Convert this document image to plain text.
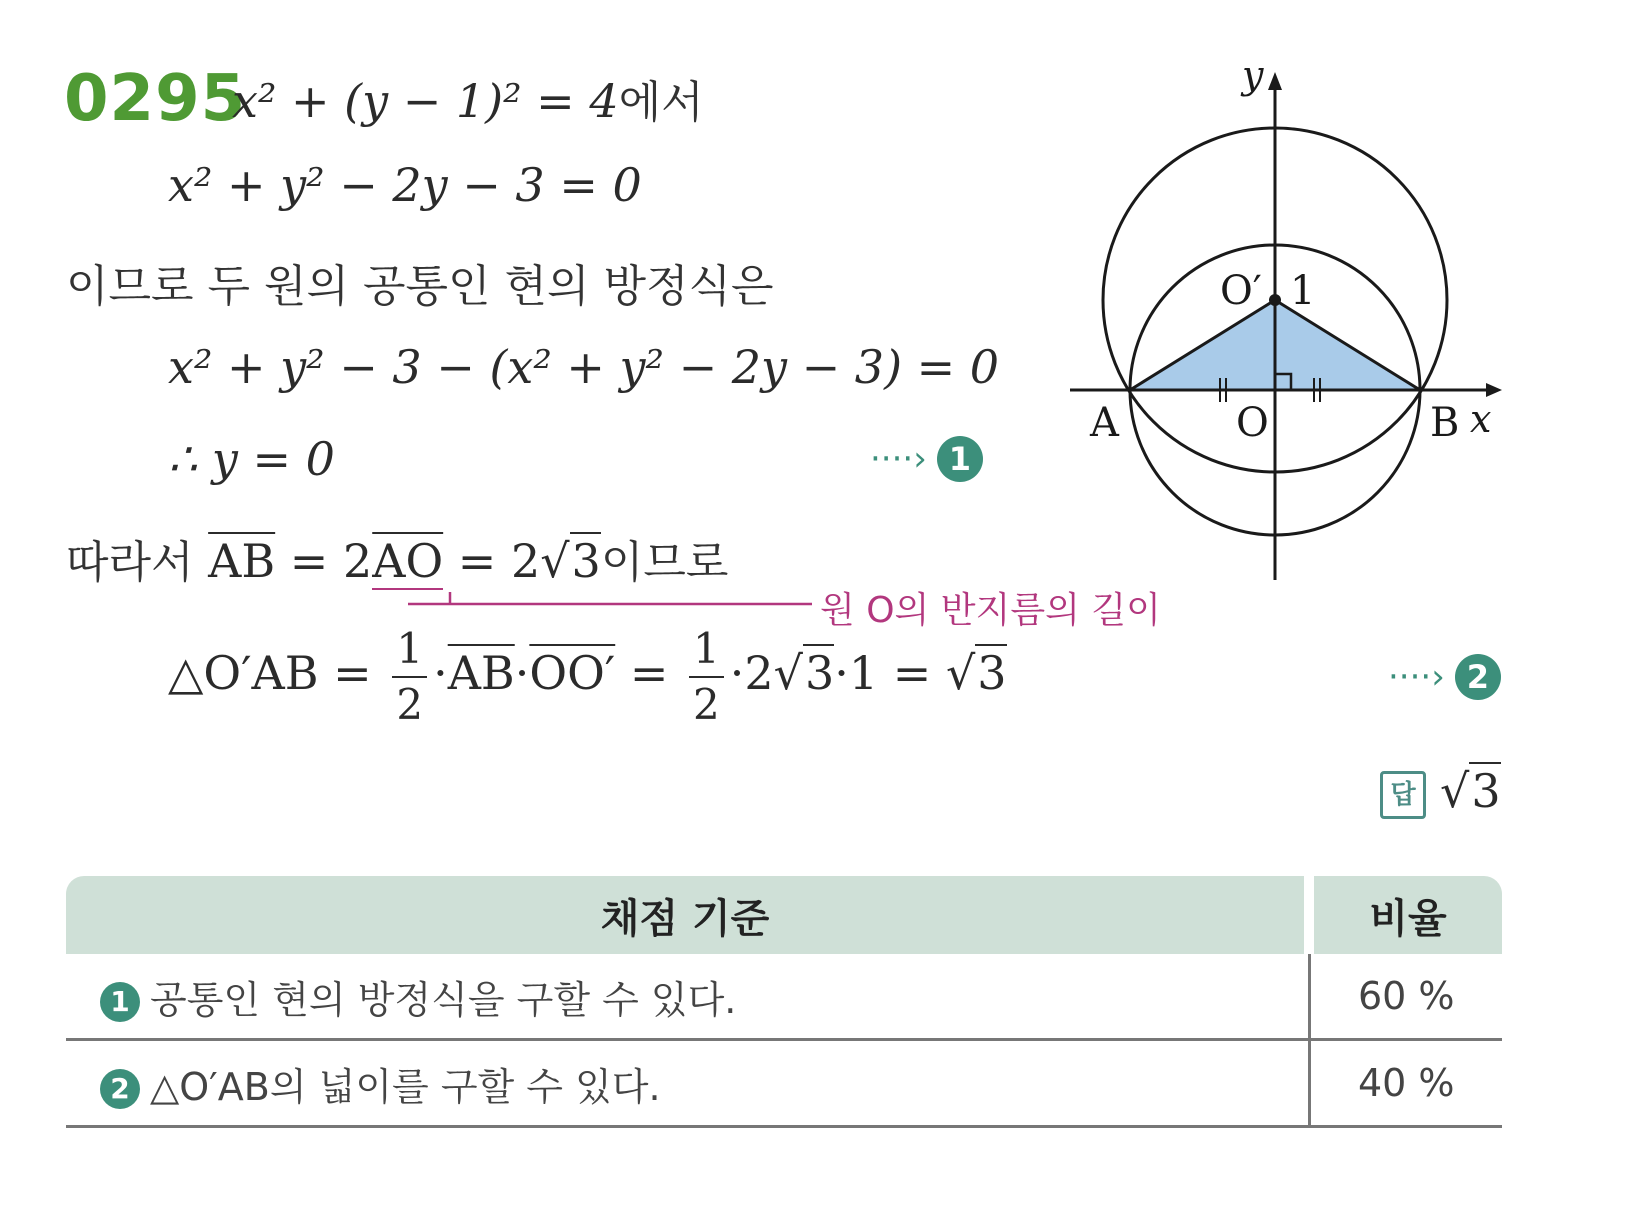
0295
x² + (y − 1)² = 4에서
x² + y² − 2y − 3 = 0
이므로 두 원의 공통인 현의 방정식은
x² + y² − 3 − (x² + y² − 2y − 3) = 0
∴ y = 0	····› 1
따라서 $\overline{AB} = 2\overline{AO} = 2√3$이므로
원 O의 반지름의 길이
△O′AB = $\frac{1}{2} \cdot\overline{AB}\cdot OO' = \frac{1}{2} \cdot 2√3\cdot 1 = √3$	····› 2
답 √3
y
x
A	B
O
O′ 1
채점 기준	비율
1 공통인 현의 방정식을 구할 수 있다.	60 %
2 △O′AB의 넓이를 구할 수 있다.	40 %
